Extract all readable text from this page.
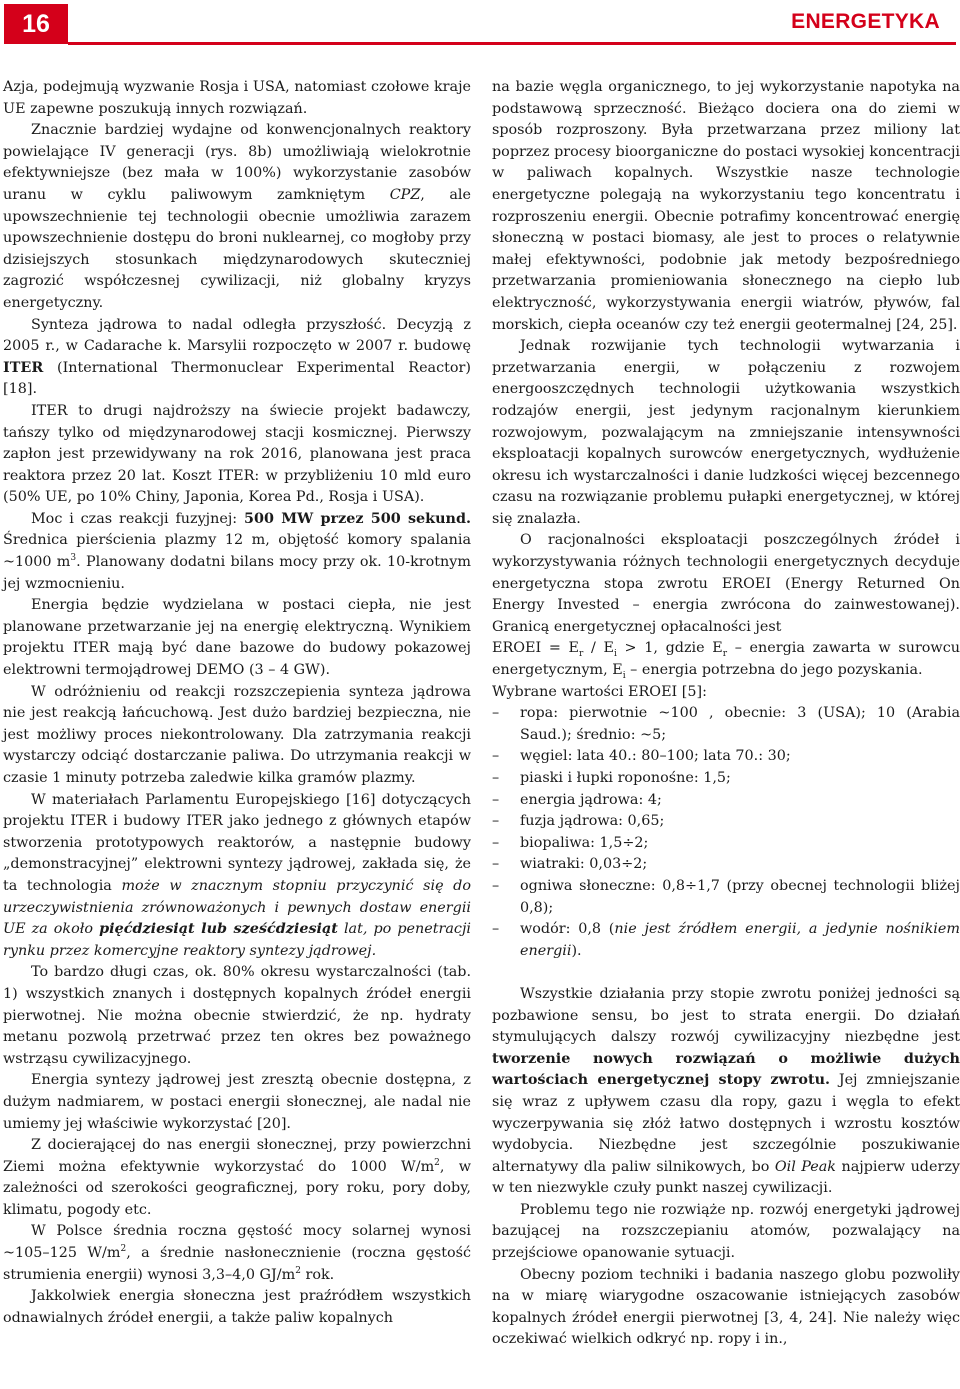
16	ENERGETYKA

Azja, podejmują wyzwanie Rosja i USA, natomiast czołowe kraje UE zapewne poszukują innych rozwiązań.

Znacznie bardziej wydajne od konwencjonalnych reaktory powielające IV generacji (rys. 8b) umożliwiają wielokrotnie efektywniejsze (bez mała w 100%) wykorzystanie zasobów uranu w cyklu paliwowym zamkniętym CPZ, ale upowszechnienie tej technologii obecnie umożliwia zarazem upowszechnienie dostępu do broni nuklearnej, co mogłoby przy dzisiejszych stosunkach międzynarodowych skuteczniej zagrozić współczesnej cywilizacji, niż globalny kryzys energetyczny.

Synteza jądrowa to nadal odległa przyszłość. Decyzją z 2005 r., w Cadarache k. Marsylii rozpoczęto w 2007 r. budowę ITER (International Thermonuclear Experimental Reactor) [18].

ITER to drugi najdroższy na świecie projekt badawczy, tańszy tylko od międzynarodowej stacji kosmicznej. Pierwszy zapłon jest przewidywany na rok 2016, planowana jest praca reaktora przez 20 lat. Koszt ITER: w przybliżeniu 10 mld euro (50% UE, po 10% Chiny, Japonia, Korea Pd., Rosja i USA).

Moc i czas reakcji fuzyjnej: 500 MW przez 500 sekund. Średnica pierścienia plazmy 12 m, objętość komory spalania ~1000 $m^3$. Planowany dodatni bilans mocy przy ok. 10-krotnym jej wzmocnieniu.

Energia będzie wydzielana w postaci ciepła, nie jest planowane przetwarzanie jej na energię elektryczną. Wynikiem projektu ITER mają być dane bazowe do budowy pokazowej elektrowni termojądrowej DEMO (3 – 4 GW).

W odróżnieniu od reakcji rozszczepienia synteza jądrowa nie jest reakcją łańcuchową. Jest dużo bardziej bezpieczna, nie jest możliwy proces niekontrolowany. Dla zatrzymania reakcji wystarczy odciąć dostarczanie paliwa. Do utrzymania reakcji w czasie 1 minuty potrzeba zaledwie kilka gramów plazmy.

W materiałach Parlamentu Europejskiego [16] dotyczących projektu ITER i budowy ITER jako jednego z głównych etapów stworzenia prototypowych reaktorów, a następnie budowy „demonstracyjnej” elektrowni syntezy jądrowej, zakłada się, że ta technologia może w znacznym stopniu przyczynić się do urzeczywistnienia zrównoważonych i pewnych dostaw energii UE za około pięćdziesiąt lub sześćdziesiąt lat, po penetracji rynku przez komercyjne reaktory syntezy jądrowej.

To bardzo długi czas, ok. 80% okresu wystarczalności (tab. 1) wszystkich znanych i dostępnych kopalnych źródeł energii pierwotnej. Nie można obecnie stwierdzić, że np. hydraty metanu pozwolą przetrwać przez ten okres bez poważnego wstrząsu cywilizacyjnego.

Energia syntezy jądrowej jest zresztą obecnie dostępna, z dużym nadmiarem, w postaci energii słonecznej, ale nadal nie umiemy jej właściwie wykorzystać [20].

Z docierającej do nas energii słonecznej, przy powierzchni Ziemi można efektywnie wykorzystać do 1000 $W/m^2$, w zależności od szerokości geograficznej, pory roku, pory doby, klimatu, pogody etc.

W Polsce średnia roczna gęstość mocy solarnej wynosi ~105–125 $W/m^2$, a średnie nasłonecznienie (roczna gęstość strumienia energii) wynosi 3,3–4,0 $GJ/m^2$ rok.

Jakkolwiek energia słoneczna jest praźródłem wszystkich odnawialnych źródeł energii, a także paliw kopalnych

na bazie węgla organicznego, to jej wykorzystanie napotyka na podstawową sprzeczność. Bieżąco dociera ona do ziemi w sposób rozproszony. Była przetwarzana przez miliony lat poprzez procesy bioorganiczne do postaci wysokiej koncentracji w paliwach kopalnych. Wszystkie nasze technologie energetyczne polegają na wykorzystaniu tego koncentratu i rozproszeniu energii. Obecnie potrafimy koncentrować energię słoneczną w postaci biomasy, ale jest to proces o relatywnie małej efektywności, podobnie jak metody bezpośredniego przetwarzania promieniowania słonecznego na ciepło lub elektryczność, wykorzystywania energii wiatrów, pływów, fal morskich, ciepła oceanów czy też energii geotermalnej [24, 25].

Jednak rozwijanie tych technologii wytwarzania i przetwarzania energii, w połączeniu z rozwojem energooszczędnych technologii użytkowania wszystkich rodzajów energii, jest jedynym racjonalnym kierunkiem rozwojowym, pozwalającym na zmniejszanie intensywności eksploatacji kopalnych surowców energetycznych, wydłużenie okresu ich wystarczalności i danie ludzkości więcej bezcennego czasu na rozwiązanie problemu pułapki energetycznej, w której się znalazła.

O racjonalności eksploatacji poszczególnych źródeł i wykorzystywania różnych technologii energetycznych decyduje energetyczna stopa zwrotu EROEI (Energy Returned On Energy Invested – energia zwrócona do zainwestowanej). Granicą energetycznej opłacalności jest

EROEI = $E_r / E_i > 1$, gdzie $E_r$ – energia zawarta w surowcu energetycznym, $E_i$ – energia potrzebna do jego pozyskania.

Wybrane wartości EROEI [5]:

– ropa: pierwotnie ~100 , obecnie: 3 (USA); 10 (Arabia Saud.); średnio: ~5;
– węgiel: lata 40.: 80–100; lata 70.: 30;
– piaski i łupki roponośne: 1,5;
– energia jądrowa: 4;
– fuzja jądrowa: 0,65;
– biopaliwa: 1,5÷2;
– wiatraki: 0,03÷2;
– ogniwa słoneczne: 0,8÷1,7 (przy obecnej technologii bliżej 0,8);
– wodór: 0,8 (nie jest źródłem energii, a jedynie nośnikiem energii).

Wszystkie działania przy stopie zwrotu poniżej jedności są pozbawione sensu, bo jest to strata energii. Do działań stymulujących dalszy rozwój cywilizacyjny niezbędne jest tworzenie nowych rozwiązań o możliwie dużych wartościach energetycznej stopy zwrotu. Jej zmniejszanie się wraz z upływem czasu dla ropy, gazu i węgla to efekt wyczerpywania się złóż łatwo dostępnych i wzrostu kosztów wydobycia. Niezbędne jest szczególnie poszukiwanie alternatywy dla paliw silnikowych, bo Oil Peak najpierw uderzy w ten niezwykle czuły punkt naszej cywilizacji.

Problemu tego nie rozwiąże np. rozwój energetyki jądrowej bazującej na rozszczepianiu atomów, pozwalający na przejściowe opanowanie sytuacji.

Obecny poziom techniki i badania naszego globu pozwoliły na w miarę wiarygodne oszacowanie istniejących zasobów kopalnych źródeł energii pierwotnej [3, 4, 24]. Nie należy więc oczekiwać wielkich odkryć np. ropy i in.,
